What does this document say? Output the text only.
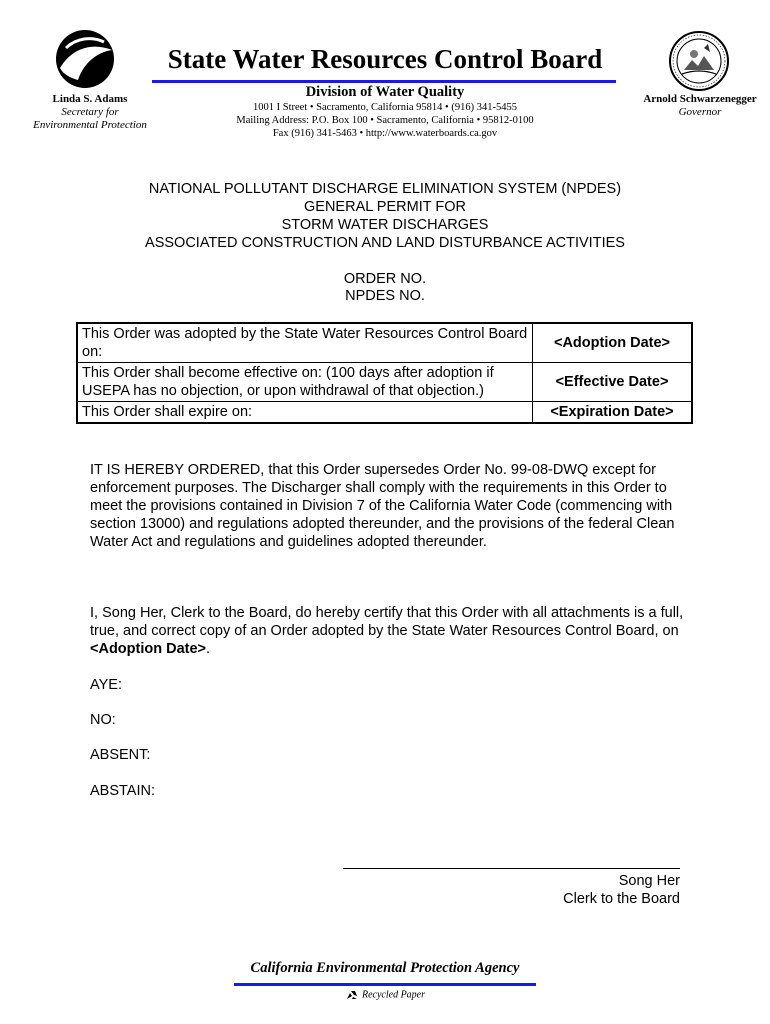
State Water Resources Control Board
Division of Water Quality
1001 I Street • Sacramento, California 95814 • (916) 341-5455
Mailing Address: P.O. Box 100 • Sacramento, California • 95812-0100
Fax (916) 341-5463 • http://www.waterboards.ca.gov
Linda S. Adams
Secretary for
Environmental Protection
Arnold Schwarzenegger
Governor
NATIONAL POLLUTANT DISCHARGE ELIMINATION SYSTEM (NPDES)
GENERAL PERMIT FOR
STORM WATER DISCHARGES
ASSOCIATED CONSTRUCTION AND LAND DISTURBANCE ACTIVITIES
ORDER NO.
NPDES NO.
This Order was adopted by the State Water Resources Control Board on:	<Adoption Date>
This Order shall become effective on: (100 days after adoption if USEPA has no objection, or upon withdrawal of that objection.)	<Effective Date>
This Order shall expire on:	<Expiration Date>
IT IS HEREBY ORDERED, that this Order supersedes Order No. 99-08-DWQ except for enforcement purposes. The Discharger shall comply with the requirements in this Order to meet the provisions contained in Division 7 of the California Water Code (commencing with section 13000) and regulations adopted thereunder, and the provisions of the federal Clean Water Act and regulations and guidelines adopted thereunder.
I, Song Her, Clerk to the Board, do hereby certify that this Order with all attachments is a full, true, and correct copy of an Order adopted by the State Water Resources Control Board, on <Adoption Date>.
AYE:
NO:
ABSENT:
ABSTAIN:
Song Her
Clerk to the Board
California Environmental Protection Agency
Recycled Paper
